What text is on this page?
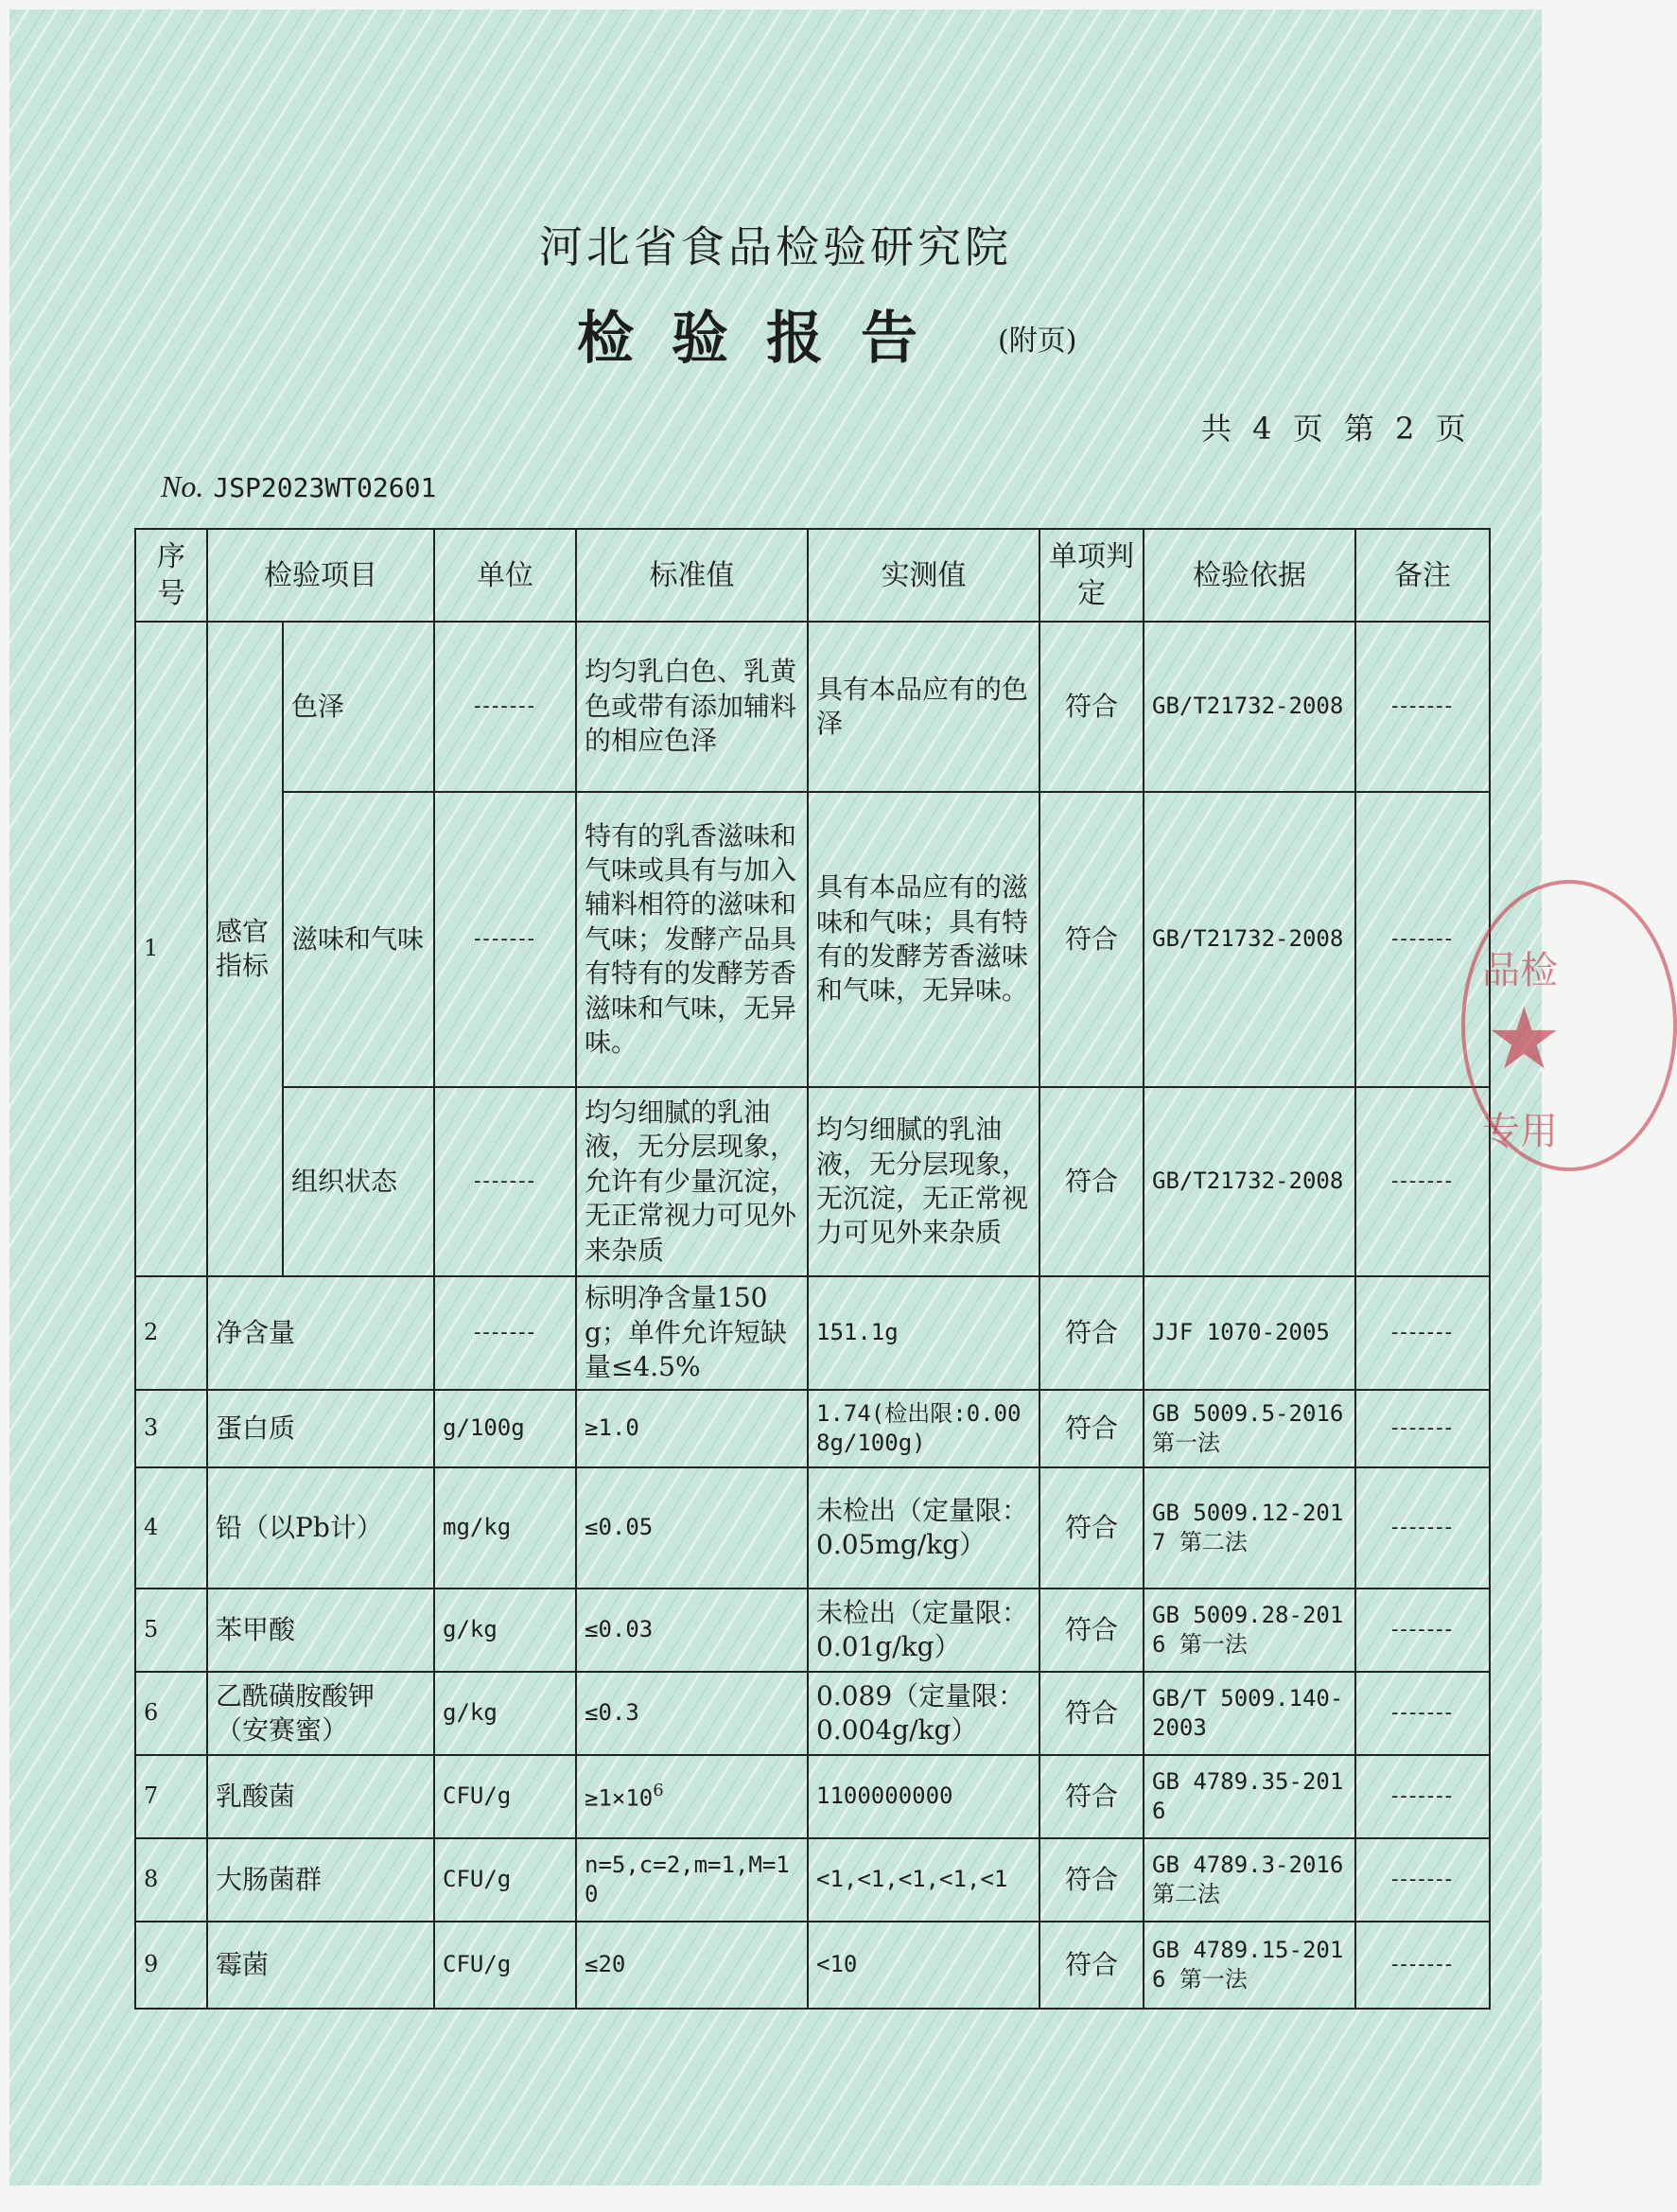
河北省食品检验研究院
检验报告 (附页)
共 4 页 第 2 页
No. JSP2023WT02601
序号	检验项目		单位	标准值	实测值	单项判定	检验依据	备注
1	感官指标	色泽	-------	均匀乳白色、乳黄色或带有添加辅料的相应色泽	具有本品应有的色泽	符合	GB/T21732-2008	-------
		滋味和气味	-------	特有的乳香滋味和气味或具有与加入辅料相符的滋味和气味；发酵产品具有特有的发酵芳香滋味和气味，无异味。	具有本品应有的滋味和气味；具有特有的发酵芳香滋味和气味，无异味。	符合	GB/T21732-2008	-------
		组织状态	-------	均匀细腻的乳油液，无分层现象，允许有少量沉淀，无正常视力可见外来杂质	均匀细腻的乳油液，无分层现象，无沉淀，无正常视力可见外来杂质	符合	GB/T21732-2008	-------
2	净含量		-------	标明净含量150g；单件允许短缺量≤4.5%	151.1g	符合	JJF 1070-2005	-------
3	蛋白质		g/100g	≥1.0	1.74(检出限:0.008g/100g)	符合	GB 5009.5-2016第一法	-------
4	铅（以Pb计）		mg/kg	≤0.05	未检出（定量限：0.05mg/kg）	符合	GB 5009.12-2017 第二法	-------
5	苯甲酸		g/kg	≤0.03	未检出（定量限：0.01g/kg）	符合	GB 5009.28-2016 第一法	-------
6	乙酰磺胺酸钾（安赛蜜）		g/kg	≤0.3	0.089（定量限：0.004g/kg）	符合	GB/T 5009.140-2003	-------
7	乳酸菌		CFU/g	$\ge 1\times 10^6$	1100000000	符合	GB 4789.35-2016	-------
8	大肠菌群		CFU/g	n=5,c=2,m=1,M=10	<1,<1,<1,<1,<1	符合	GB 4789.3-2016第二法	-------
9	霉菌		CFU/g	≤20	<10	符合	GB 4789.15-2016 第一法	-------
品检
★
专用
